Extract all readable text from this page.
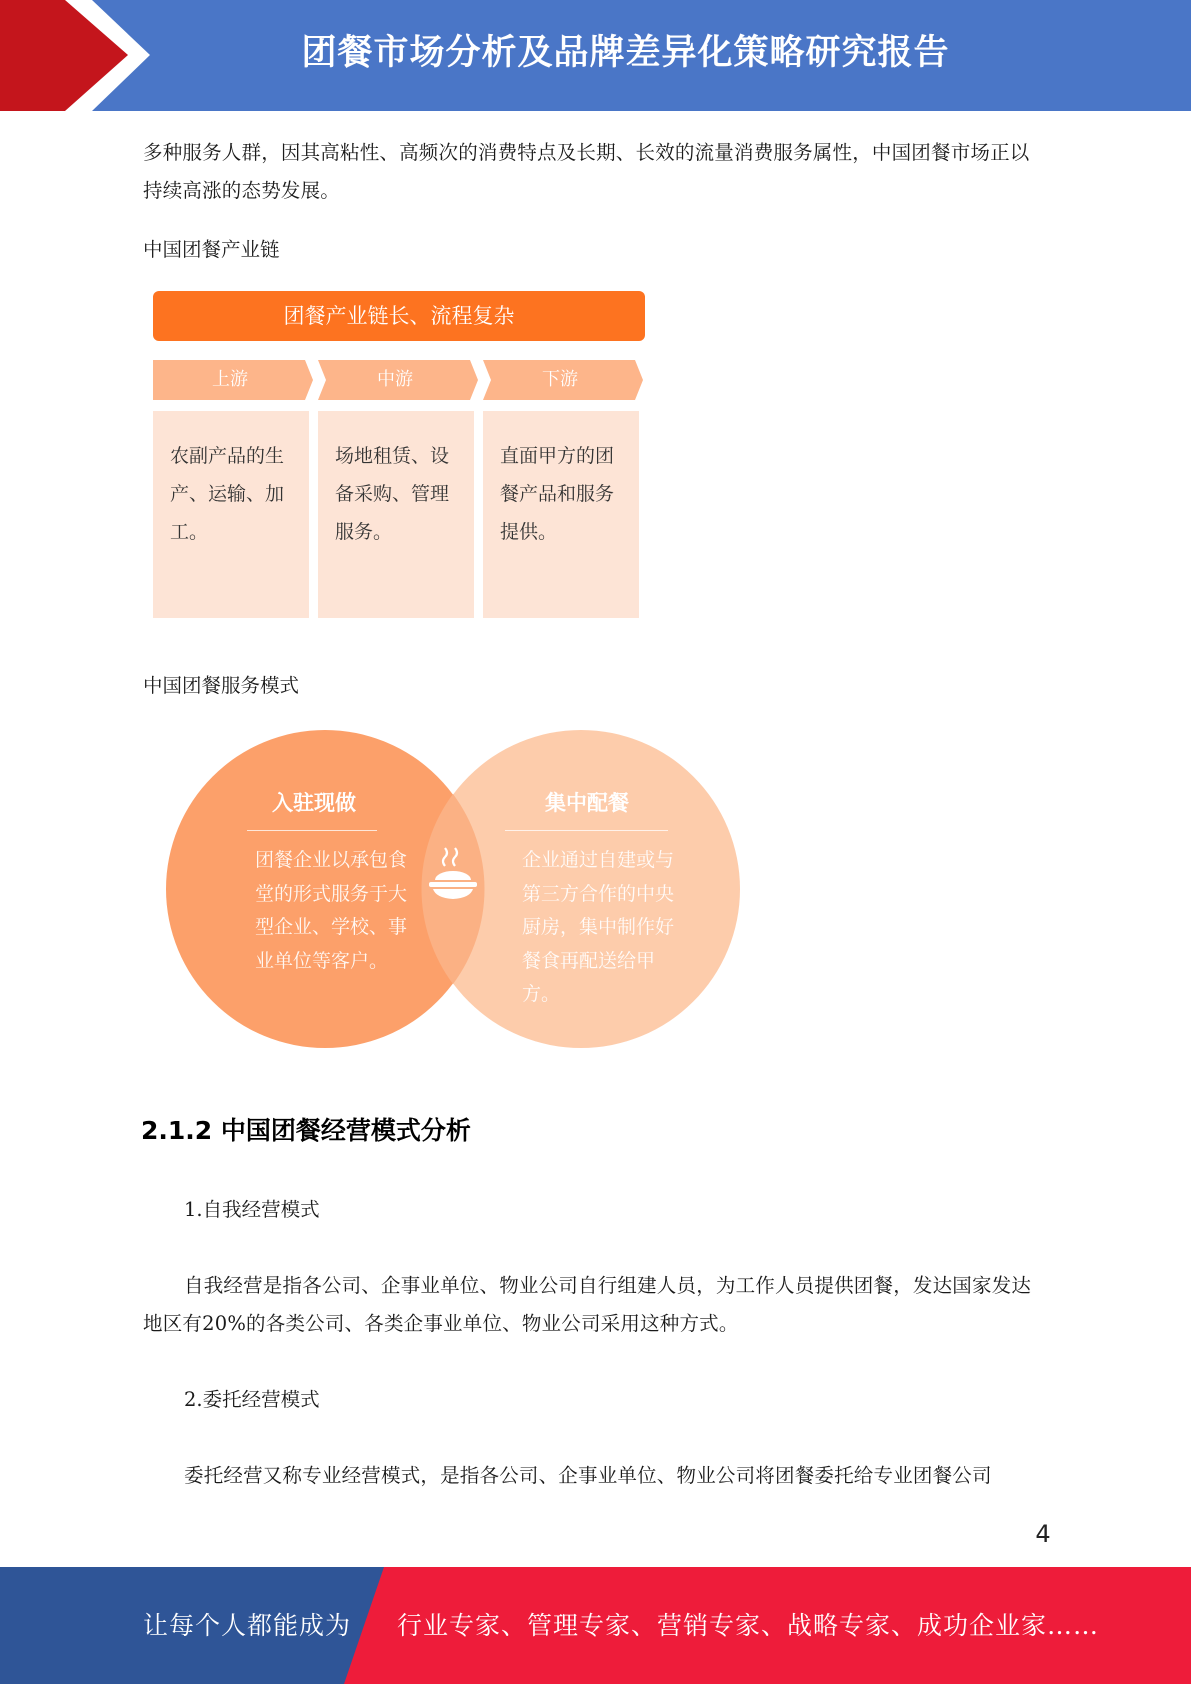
团餐市场分析及品牌差异化策略研究报告

多种服务人群，因其高粘性、高频次的消费特点及长期、长效的流量消费服务属性，中国团餐市场正以持续高涨的态势发展。

中国团餐产业链
团餐产业链长、流程复杂
上游	中游	下游
农副产品的生产、运输、加工。
场地租赁、设备采购、管理服务。
直面甲方的团餐产品和服务提供。
中国团餐服务模式
入驻现做
团餐企业以承包食堂的形式服务于大型企业、学校、事业单位等客户。
集中配餐
企业通过自建或与第三方合作的中央厨房，集中制作好餐食再配送给甲方。
2.1.2 中国团餐经营模式分析
1.自我经营模式

自我经营是指各公司、企事业单位、物业公司自行组建人员，为工作人员提供团餐，发达国家发达地区有20%的各类公司、各类企事业单位、物业公司采用这种方式。

2.委托经营模式

委托经营又称专业经营模式，是指各公司、企事业单位、物业公司将团餐委托给专业团餐公司

4
让每个人都能成为 行业专家、管理专家、营销专家、战略专家、成功企业家……
